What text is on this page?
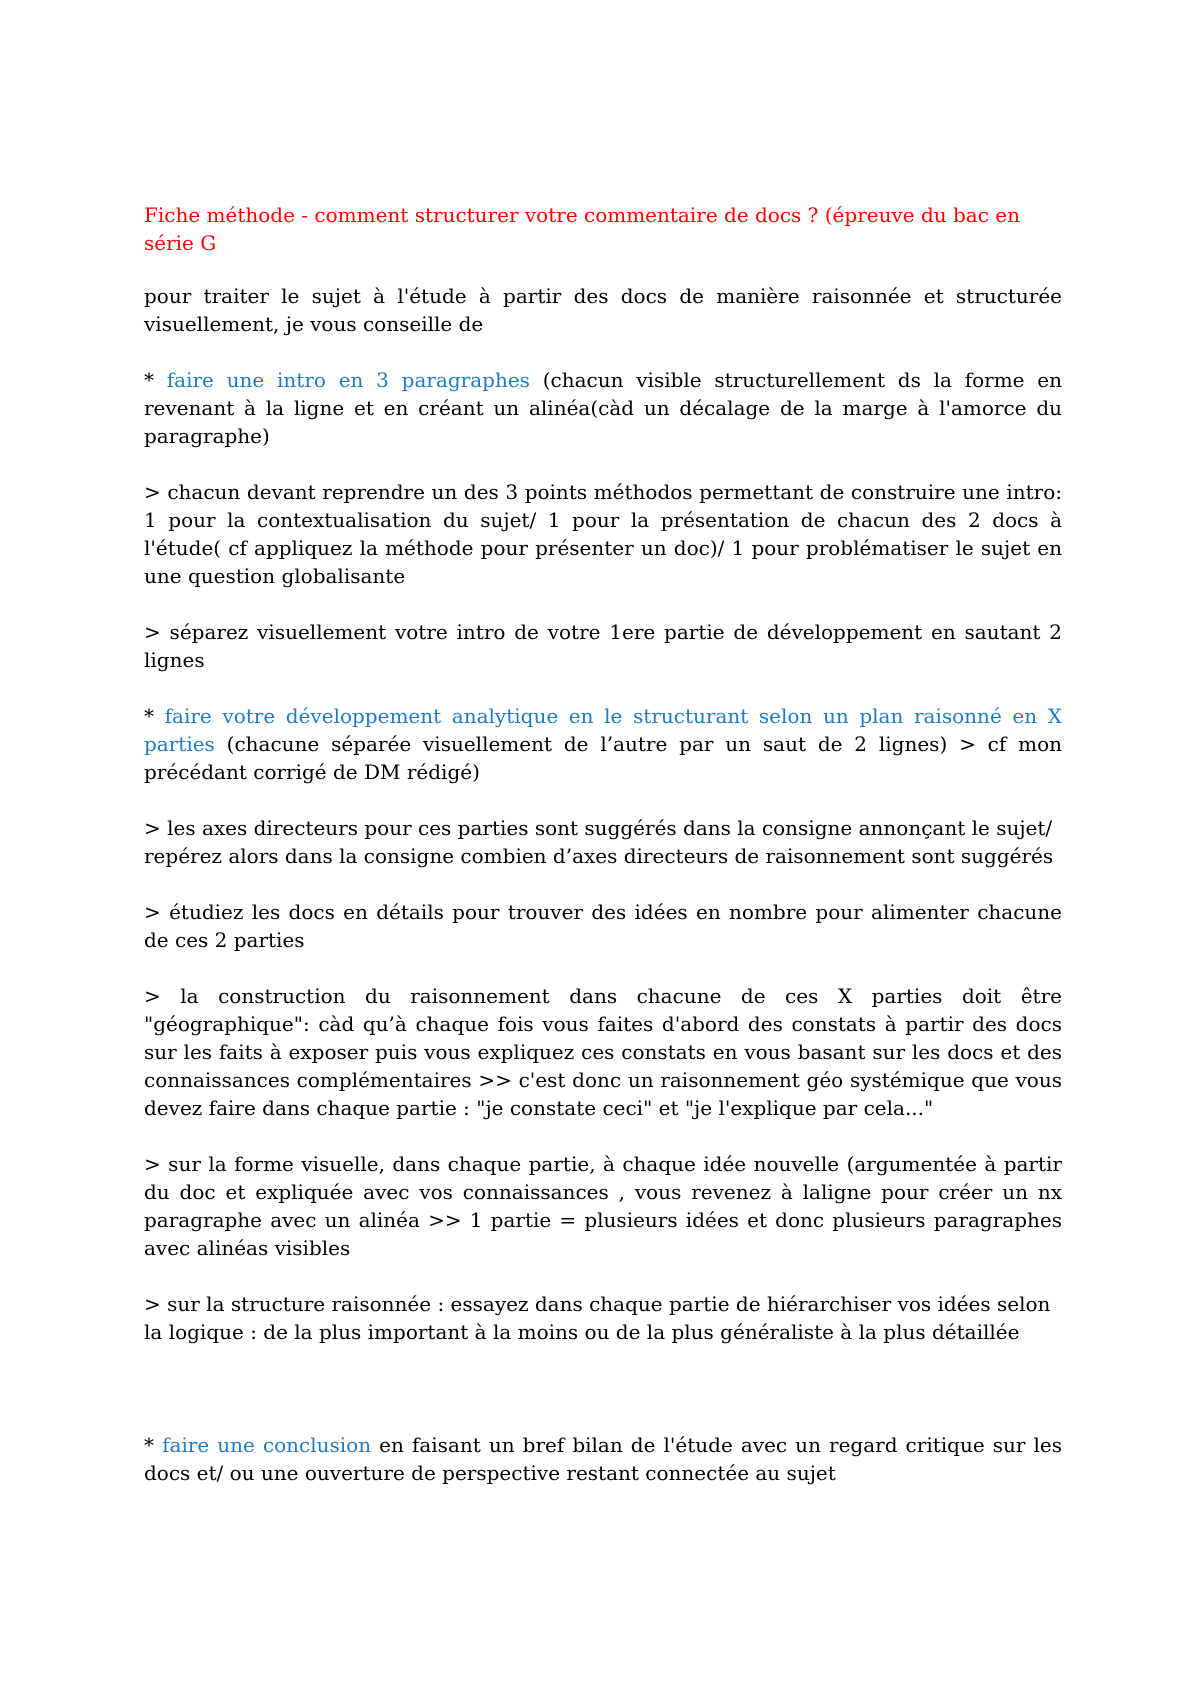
Fiche méthode - comment structurer votre commentaire de docs ? (épreuve du bac en série G

pour traiter le sujet à l'étude à partir des docs de manière raisonnée et structurée visuellement, je vous conseille de

* faire une intro en 3 paragraphes (chacun visible structurellement ds la forme en revenant à la ligne et en créant un alinéa(càd un décalage de la marge à l'amorce du paragraphe)

> chacun devant reprendre un des 3 points méthodos permettant de construire une intro: 1 pour la contextualisation du sujet/ 1 pour la présentation de chacun des 2 docs à l'étude( cf appliquez la méthode pour présenter un doc)/ 1 pour problématiser le sujet en une question globalisante

> séparez visuellement votre intro de votre 1ere partie de développement en sautant 2 lignes

* faire votre développement analytique en le structurant selon un plan raisonné en X parties (chacune séparée visuellement de l’autre par un saut de 2 lignes) > cf mon précédant corrigé de DM rédigé)

> les axes directeurs pour ces parties sont suggérés dans la consigne annonçant le sujet/ repérez alors dans la consigne combien d’axes directeurs de raisonnement sont suggérés

> étudiez les docs en détails pour trouver des idées en nombre pour alimenter chacune de ces 2 parties

> la construction du raisonnement dans chacune de ces X parties doit être "géographique": càd qu’à chaque fois vous faites d'abord des constats à partir des docs sur les faits à exposer puis vous expliquez ces constats en vous basant sur les docs et des connaissances complémentaires >> c'est donc un raisonnement géo systémique que vous devez faire dans chaque partie : "je constate ceci" et "je l'explique par cela..."

> sur la forme visuelle, dans chaque partie, à chaque idée nouvelle (argumentée à partir du doc et expliquée avec vos connaissances , vous revenez à laligne pour créer un nx paragraphe avec un alinéa >> 1 partie = plusieurs idées et donc plusieurs paragraphes avec alinéas visibles

> sur la structure raisonnée : essayez dans chaque partie de hiérarchiser vos idées selon la logique : de la plus important à la moins ou de la plus généraliste à la plus détaillée

* faire une conclusion en faisant un bref bilan de l'étude avec un regard critique sur les docs et/ ou une ouverture de perspective restant connectée au sujet
